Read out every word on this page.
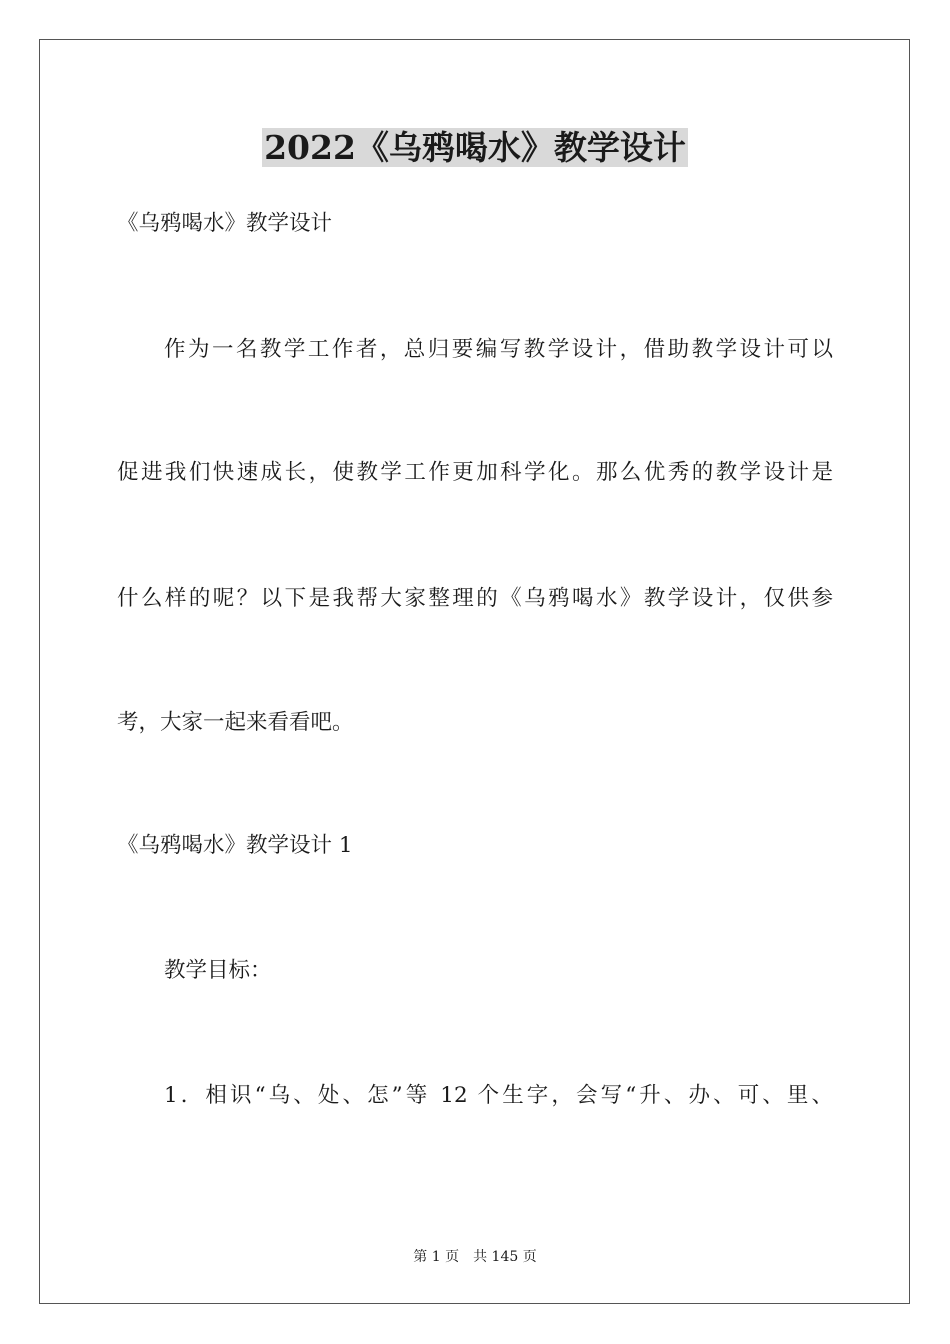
2022《乌鸦喝水》教学设计
《乌鸦喝水》教学设计
作为一名教学工作者，总归要编写教学设计，借助教学设计可以
促进我们快速成长，使教学工作更加科学化。那么优秀的教学设计是
什么样的呢？以下是我帮大家整理的《乌鸦喝水》教学设计，仅供参
考，大家一起来看看吧。
《乌鸦喝水》教学设计 1
教学目标：
1．相识“乌、处、怎”等 12 个生字，会写“升、办、可、里、
第 1 页　共 145 页
